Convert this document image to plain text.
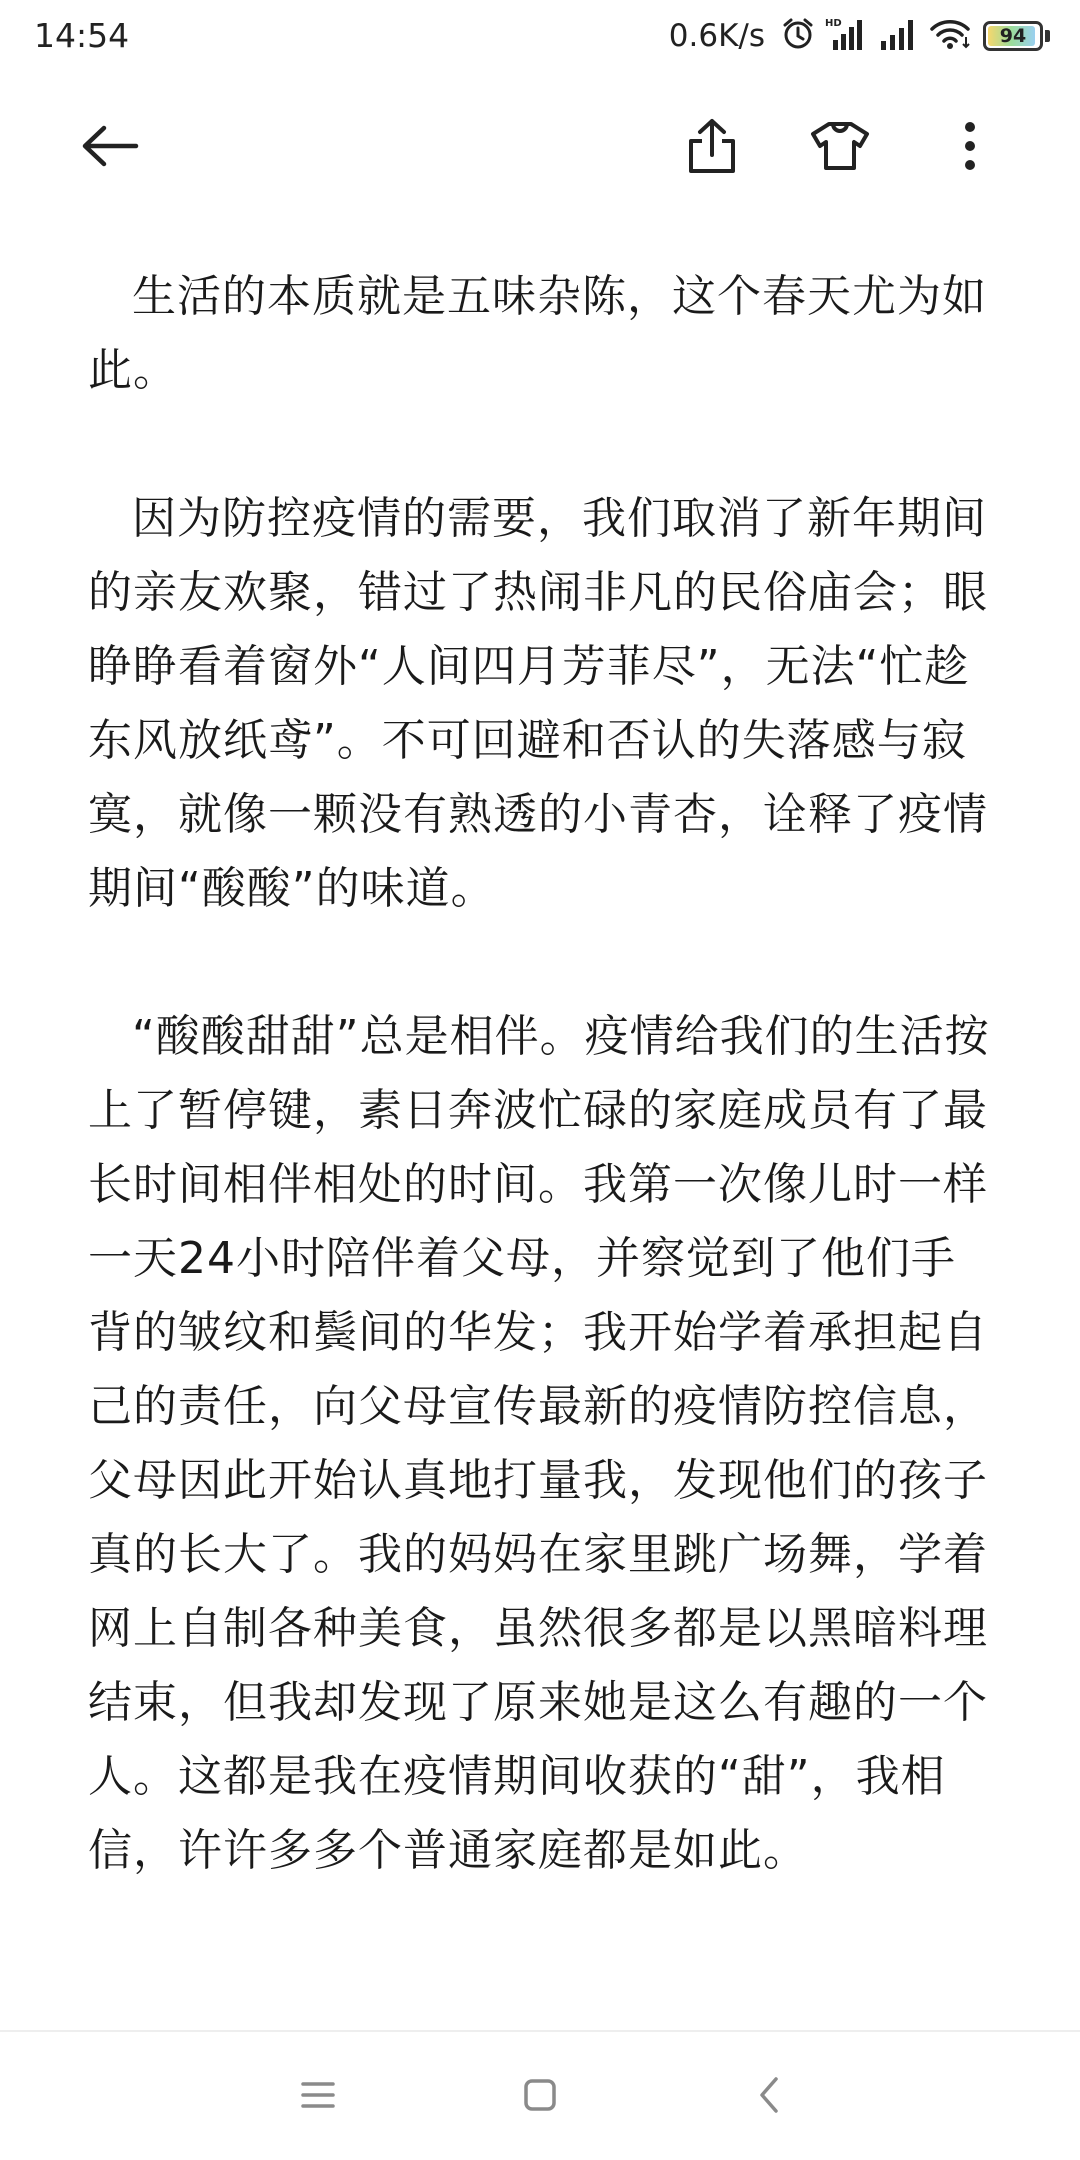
14:54	0.6K/s	HD
94

生活的本质就是五味杂陈，这个春天尤为如此。

因为防控疫情的需要，我们取消了新年期间的亲友欢聚，错过了热闹非凡的民俗庙会；眼睁睁看着窗外“人间四月芳菲尽”，无法“忙趁东风放纸鸢”。不可回避和否认的失落感与寂寞，就像一颗没有熟透的小青杏，诠释了疫情期间“酸酸”的味道。

“酸酸甜甜”总是相伴。疫情给我们的生活按上了暂停键，素日奔波忙碌的家庭成员有了最长时间相伴相处的时间。我第一次像儿时一样一天24小时陪伴着父母，并察觉到了他们手背的皱纹和鬓间的华发；我开始学着承担起自己的责任，向父母宣传最新的疫情防控信息，父母因此开始认真地打量我，发现他们的孩子真的长大了。我的妈妈在家里跳广场舞，学着网上自制各种美食，虽然很多都是以黑暗料理结束，但我却发现了原来她是这么有趣的一个人。这都是我在疫情期间收获的“甜”，我相信，许许多多个普通家庭都是如此。
